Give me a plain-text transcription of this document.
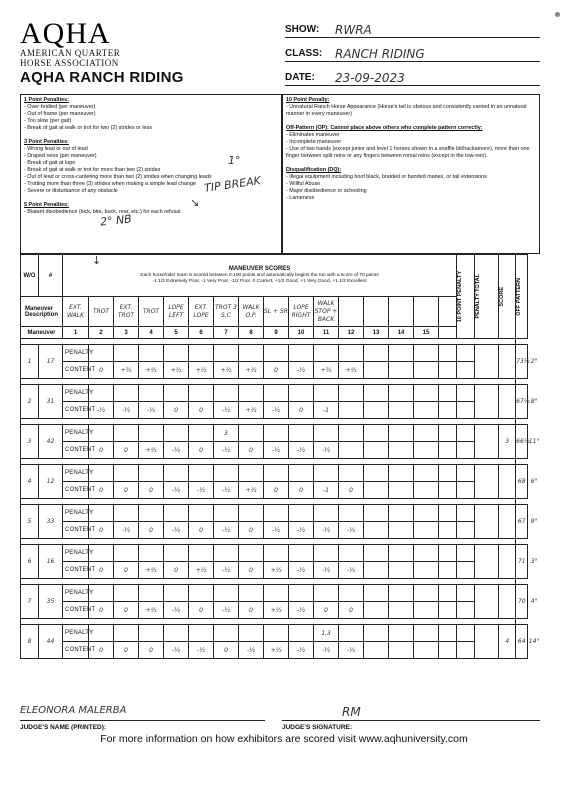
AQHA
AMERICAN QUARTER
HORSE ASSOCIATION
AQHA RANCH RIDING
SHOW: RWRA
CLASS: RANCH RIDING
DATE: 23-09-2023
1 Point Penalties:
- Over-bridled (per maneuver)
- Out of frame (per maneuver)
- Too slow (per gait)
- Break of gait at walk or trot for two (2) strides or less
3 Point Penalties:
- Wrong lead or out of lead
- Draped reins (per maneuver)
- Break of gait at lope
- Break of gait at walk or trot for more than two (2) strides
- Out of lead or cross-cantering more than two (2) strides when changing leads
- Trotting more than three (3) strides when making a simple lead change
- Severe or disturbance of any obstacle
5 Point Penalties:
- Blatant disobedience (kick, bite, buck, rear, etc.) for each refusal
10 Point Penalty:
- Unnatural Ranch Horse Appearance (Horse's tail is obvious and consistently carried in an unnatural manner in every maneuver)
Off-Pattern (OP): Cannot place above others who complete pattern correctly:
- Eliminates maneuver
- Incomplete maneuver
- Use of two hands (except junior and level 1 horses shown in a snaffle bit/hackamore), more than one finger between split reins or any fingers between romal reins (except in the tow-rein).
Disqualification (DQ):
- Illegal equipment including hoof black, braided or banded manes, or tail extensions
- Willful Abuse
- Major disobedience or schooling
- Lameness
TIP BREAK
1°
↘
2° NB
↓
W/O	#	MANEUVER SCORES
Each horse/rider team is scored between 0-100 points and automatically begins the run with a score of 70 points
-1 1/2 Extremely Poor, -1 Very Poor, -1/2 Poor, 0 Correct, +1/2 Good, +1 Very Good, +1 1/2 Excellent																10 POINT PENALTY	PENALTY TOTAL	SCORE	OFF PATTERN	

Maneuver Description		EXT. WALK	TROT	EXT. TROT	TROT	LOPE LEFT	EXT. LOPE	TROT 3 S.C	WALK O.P.	SL + SR	LOPE RIGHT	WALK STOP + BACK										
Maneuver		1	2	3	4	5	6	7	8	9	10	11	12	13	14	15						

1	17	PENALTY																			73½	2°
		CONTENT	0	+½	+½	+½	+½	+½	+½	0	-½	+½	+½									

2	31	PENALTY																			67½	8°
		CONTENT	-½	-½	-½	0	0	-½	+½	-½	0	-1										

3	42	PENALTY						3												3	66½	11°
		CONTENT	0	0	+½	-½	0	-½	0	-½	-½	-½										

4	12	PENALTY																			68	6°
		CONTENT	0	0	0	-½	-½	-½	+½	0	0	-1	0									

5	33	PENALTY																			67	9°
		CONTENT	0	-½	0	-½	0	-½	0	-½	-½	-½	-½									

6	16	PENALTY																			71	3°
		CONTENT	0	0	+½	0	+½	-½	0	+½	-½	-½	-½									

7	35	PENALTY																			70	4°
		CONTENT	0	0	+½	-½	0	-½	0	+½	-½	0	0									

8	44	PENALTY										1,3								4	64	14°
		CONTENT	0	0	0	-½	-½	0	-½	+½	-½	-½	-½									
ELEONORA MALERBA
JUDGE'S NAME (PRINTED):
RM
JUDGE'S SIGNATURE:
For more information on how exhibitors are scored visit www.aqhuniversity.com
